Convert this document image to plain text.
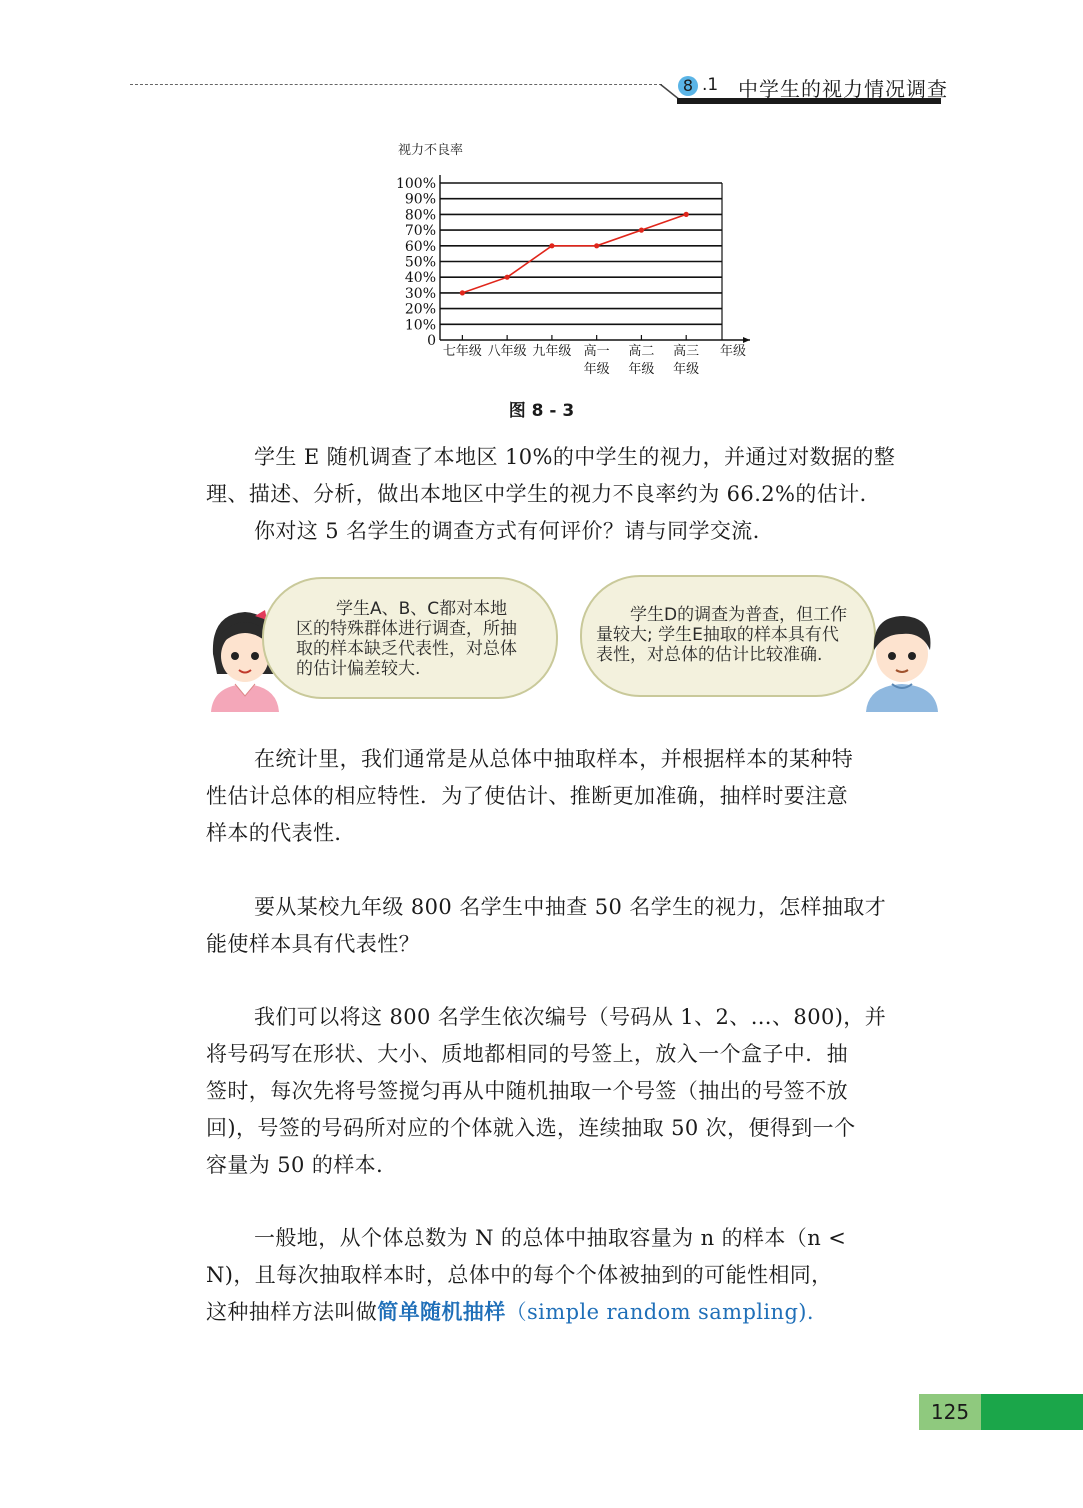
8 .1 中学生的视力情况调查
0
10%
20%
30%
40%
50%
60%
70%
80%
90%
100%
七年级 八年级 九年级 高一
年级
高二
年级
高三
年级
视力不良率
年级
图 8 - 3
学生 E 随机调查了本地区 10%的中学生的视力，并通过对数据的整
理、描述、分析，做出本地区中学生的视力不良率约为 66.2%的估计．
你对这 5 名学生的调查方式有何评价？请与同学交流．
学生A、B、C都对本地
区的特殊群体进行调查，所抽
取的样本缺乏代表性，对总体
的估计偏差较大.
学生D的调查为普查，但工作
量较大; 学生E抽取的样本具有代
表性，对总体的估计比较准确.
在统计里，我们通常是从总体中抽取样本，并根据样本的某种特
性估计总体的相应特性．为了使估计、推断更加准确，抽样时要注意
样本的代表性．
要从某校九年级 800 名学生中抽查 50 名学生的视力，怎样抽取才
能使样本具有代表性？
我们可以将这 800 名学生依次编号（号码从 1、2、…、800)，并
将号码写在形状、大小、质地都相同的号签上，放入一个盒子中．抽
签时，每次先将号签搅匀再从中随机抽取一个号签（抽出的号签不放
回)，号签的号码所对应的个体就入选，连续抽取 50 次，便得到一个
容量为 50 的样本．
一般地，从个体总数为 N 的总体中抽取容量为 n 的样本（n <
N)，且每次抽取样本时，总体中的每个个体被抽到的可能性相同，
这种抽样方法叫做简单随机抽样（simple random sampling).
125
